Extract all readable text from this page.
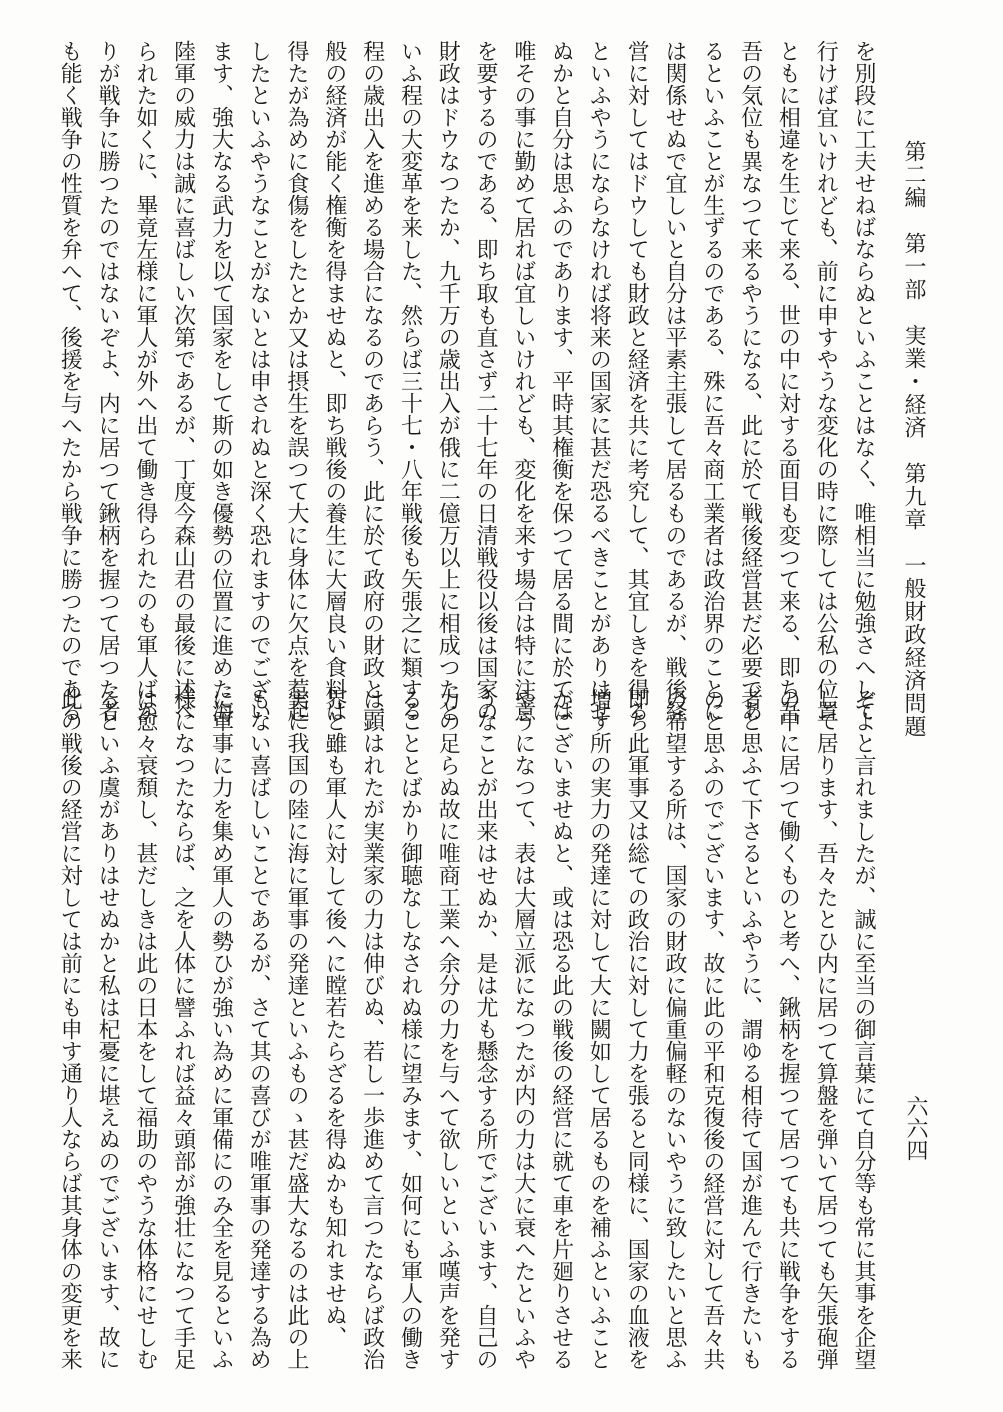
第二編　第一部　実業・経済　第九章　一般財政経済問題
六六四
を別段に工夫せねばならぬといふことはなく、唯相当に勉強さへして
行けば宜いけれども、前に申すやうな変化の時に際しては公私の位置
ともに相違を生じて来る、世の中に対する面目も変つて来る、即ち吾
吾の気位も異なつて来るやうになる、此に於て戦後経営甚だ必要であ
るといふことが生ずるのである、殊に吾々商工業者は政治界のことに
は関係せぬで宜しいと自分は平素主張して居るものであるが、戦後経
営に対してはドウしても財政と経済を共に考究して、其宜しきを得る
といふやうにならなければ将来の国家に甚だ恐るべきことがありはせ
ぬかと自分は思ふのであります、平時其権衡を保つて居る間に於ては
唯その事に勤めて居れば宜しいけれども、変化を来す場合は特に注意
を要するのである、即ち取も直さず二十七年の日清戦役以後は国家の
財政はドウなつたか、九千万の歳出入が俄に二億万以上に相成つたと
いふ程の大変革を来した、然らば三十七・八年戦後も矢張之に類する
程の歳出入を進める場合になるのであらう、此に於て政府の財政と一
般の経済が能く権衡を得ませぬと、即ち戦後の養生に大層良い食料は
得たが為めに食傷をしたとか又は摂生を誤つて大に身体に欠点を惹起
したといふやうなことがないとは申されぬと深く恐れますのでござい
ます、強大なる武力を以て国家をして斯の如き優勢の位置に進めた海
陸軍の威力は誠に喜ばしい次第であるが、丁度今森山君の最後に述べ
られた如くに、畢竟左様に軍人が外へ出て働き得られたのも軍人ばか
りが戦争に勝つたのではないぞよ、内に居つて鍬柄を握つて居つた者
も能く戦争の性質を弁へて、後援を与へたから戦争に勝つたのである
ぞよと言れましたが、誠に至当の御言葉にて自分等も常に其事を企望
して居ります、吾々たとひ内に居つて算盤を弾いて居つても矢張砲弾
の中に居つて働くものと考へ、鍬柄を握つて居つても共に戦争をする
者と思ふて下さるといふやうに、謂ゆる相待て国が進んで行きたいも
のと思ふのでございます、故に此の平和克復後の経営に対して吾々共
の希望する所は、国家の財政に偏重偏軽のないやうに致したいと思ふ
即ち此軍事又は総ての政治に対して力を張ると同様に、国家の血液を
増す所の実力の発達に対して大に闕如して居るものを補ふといふこと
がございませぬと、或は恐る此の戦後の経営に就て車を片廻りさせる
やうになつて、表は大層立派になつたが内の力は大に衰へたといふや
うなことが出来はせぬか、是は尤も懸念する所でございます、自己の
力の足らぬ故に唯商工業へ余分の力を与へて欲しいといふ嘆声を発す
ることとばかり御聴なしなされぬ様に望みます、如何にも軍人の働き
は顕はれたが実業家の力は伸びぬ、若し一歩進めて言つたならば政治
界と雖も軍人に対して後へに瞠若たらざるを得ぬかも知れませぬ、
実に我国の陸に海に軍事の発達といふものゝ甚だ盛大なるのは此の上
もない喜ばしいことであるが、さて其の喜びが唯軍事の発達する為め
に軍事に力を集め軍人の勢ひが強い為めに軍備にのみ全を見るといふ
様になつたならば、之を人体に譬ふれば益々頭部が強壮になつて手足
は愈々衰頽し、甚だしきは此の日本をして福助のやうな体格にせしむ
るといふ虞がありはせぬかと私は杞憂に堪えぬのでございます、故に
此の戦後の経営に対しては前にも申す通り人ならば其身体の変更を来
